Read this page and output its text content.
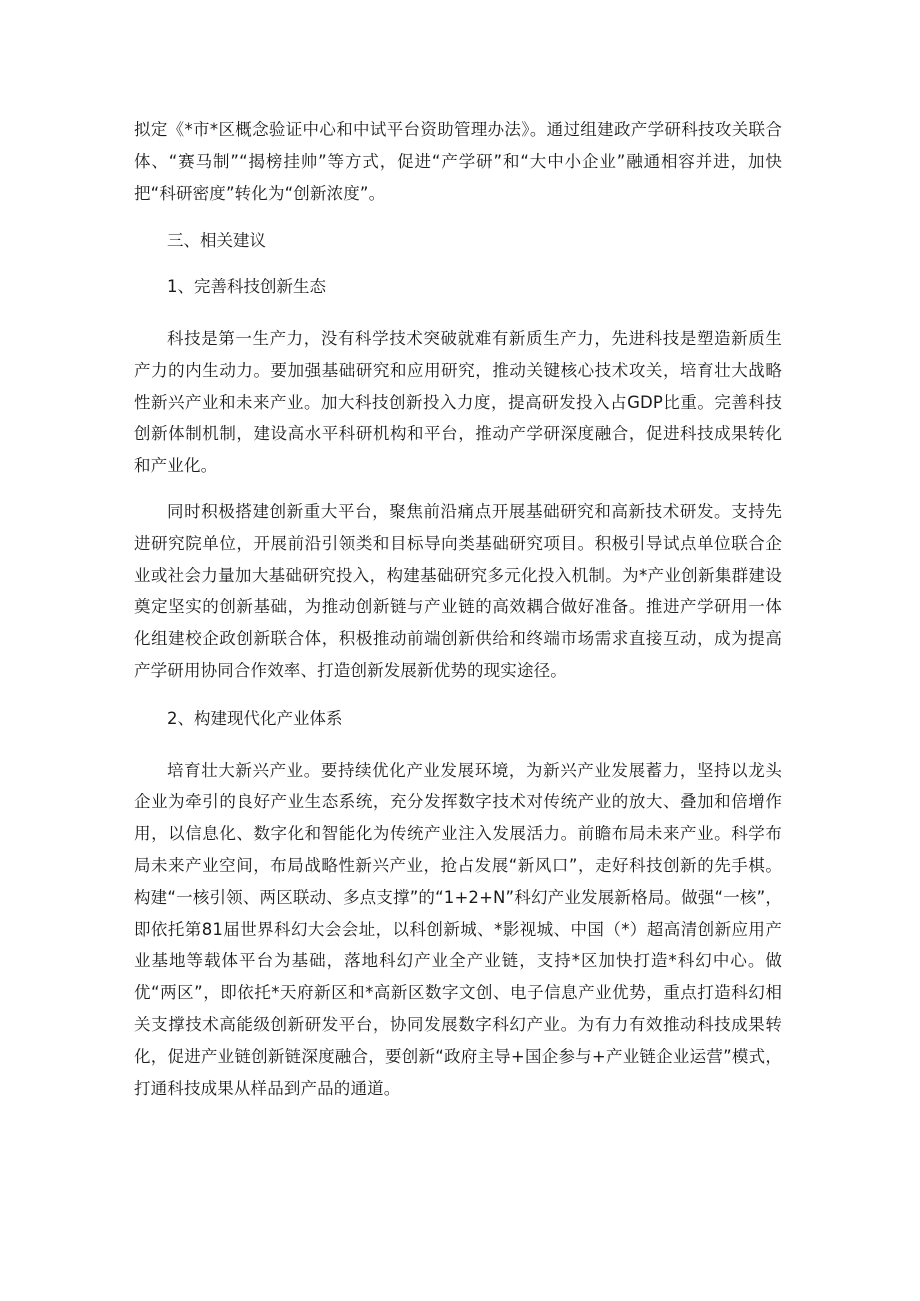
拟定《*市*区概念验证中心和中试平台资助管理办法》。通过组建政产学研科技攻关联合体、“赛马制”“揭榜挂帅”等方式，促进“产学研”和“大中小企业”融通相容并进，加快把“科研密度”转化为“创新浓度”。

三、相关建议

1、完善科技创新生态

科技是第一生产力，没有科学技术突破就难有新质生产力，先进科技是塑造新质生产力的内生动力。要加强基础研究和应用研究，推动关键核心技术攻关，培育壮大战略性新兴产业和未来产业。加大科技创新投入力度，提高研发投入占GDP比重。完善科技创新体制机制，建设高水平科研机构和平台，推动产学研深度融合，促进科技成果转化和产业化。

同时积极搭建创新重大平台，聚焦前沿痛点开展基础研究和高新技术研发。支持先进研究院单位，开展前沿引领类和目标导向类基础研究项目。积极引导试点单位联合企业或社会力量加大基础研究投入，构建基础研究多元化投入机制。为*产业创新集群建设奠定坚实的创新基础，为推动创新链与产业链的高效耦合做好准备。推进产学研用一体化组建校企政创新联合体，积极推动前端创新供给和终端市场需求直接互动，成为提高产学研用协同合作效率、打造创新发展新优势的现实途径。

2、构建现代化产业体系

培育壮大新兴产业。要持续优化产业发展环境，为新兴产业发展蓄力，坚持以龙头企业为牵引的良好产业生态系统，充分发挥数字技术对传统产业的放大、叠加和倍增作用，以信息化、数字化和智能化为传统产业注入发展活力。前瞻布局未来产业。科学布局未来产业空间，布局战略性新兴产业，抢占发展“新风口”，走好科技创新的先手棋。构建“一核引领、两区联动、多点支撑”的“1+2+N”科幻产业发展新格局。做强“一核”，即依托第81届世界科幻大会会址，以科创新城、*影视城、中国（*）超高清创新应用产业基地等载体平台为基础，落地科幻产业全产业链，支持*区加快打造*科幻中心。做优“两区”，即依托*天府新区和*高新区数字文创、电子信息产业优势，重点打造科幻相关支撑技术高能级创新研发平台，协同发展数字科幻产业。为有力有效推动科技成果转化，促进产业链创新链深度融合，要创新“政府主导+国企参与+产业链企业运营”模式，打通科技成果从样品到产品的通道。
